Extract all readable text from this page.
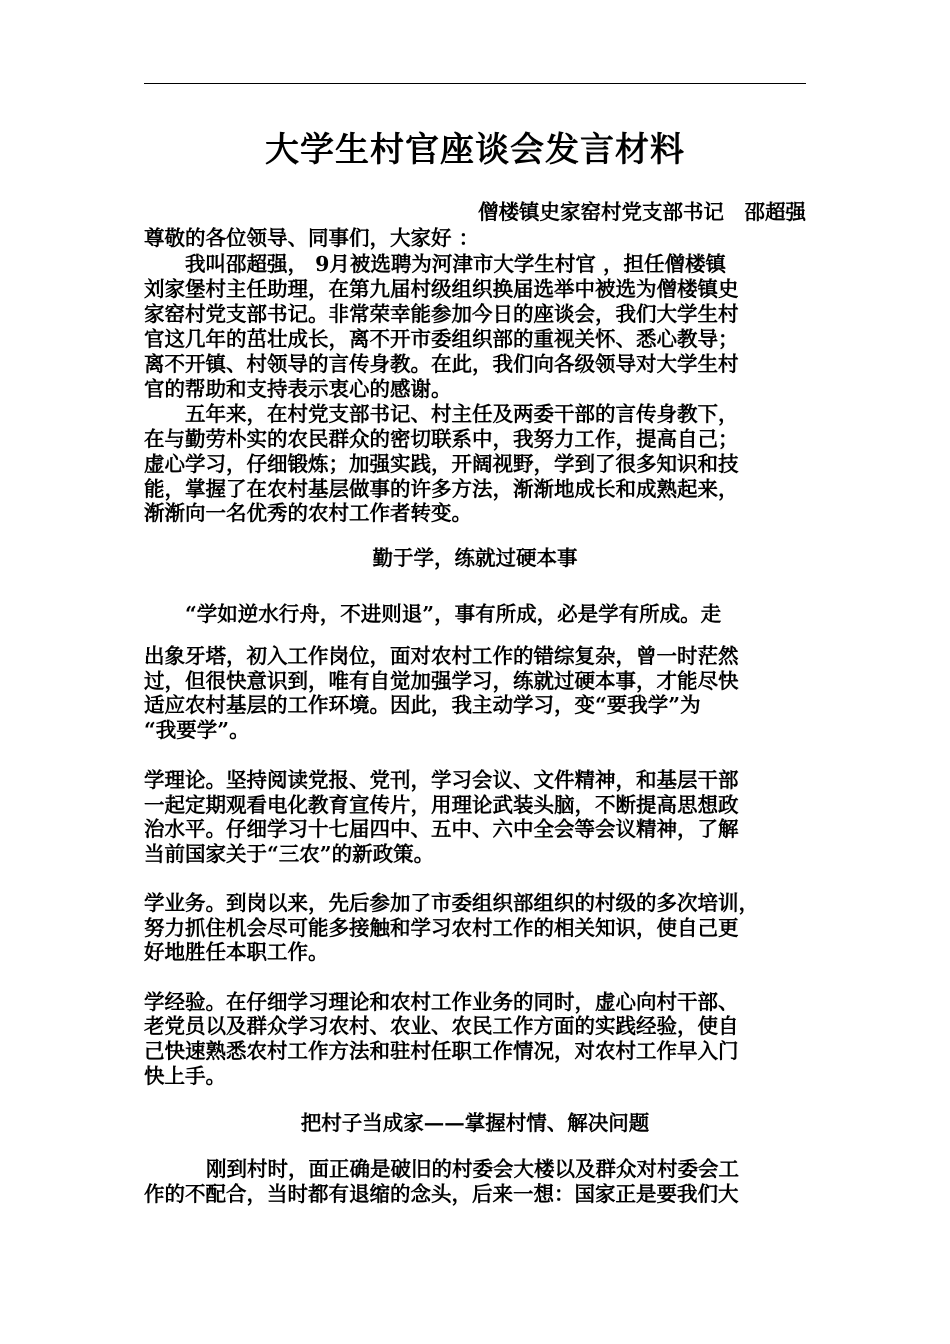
大学生村官座谈会发言材料
僧楼镇史家窑村党支部书记　邵超强
尊敬的各位领导、同事们，大家好 ：
　　我叫邵超强， 9月被选聘为河津市大学生村官 ，担任僧楼镇
刘家堡村主任助理，在第九届村级组织换届选举中被选为僧楼镇史
家窑村党支部书记。非常荣幸能参加今日的座谈会，我们大学生村
官这几年的茁壮成长，离不开市委组织部的重视关怀、悉心教导；
离不开镇、村领导的言传身教。在此，我们向各级领导对大学生村
官的帮助和支持表示衷心的感谢。
　　五年来，在村党支部书记、村主任及两委干部的言传身教下，
在与勤劳朴实的农民群众的密切联系中，我努力工作，提高自己；
虚心学习，仔细锻炼；加强实践，开阔视野，学到了很多知识和技
能，掌握了在农村基层做事的许多方法，渐渐地成长和成熟起来，
渐渐向一名优秀的农村工作者转变。
勤于学，练就过硬本事
“学如逆水行舟，不进则退”，事有所成，必是学有所成。走
出象牙塔，初入工作岗位，面对农村工作的错综复杂，曾一时茫然
过，但很快意识到，唯有自觉加强学习，练就过硬本事，才能尽快
适应农村基层的工作环境。因此，我主动学习，变“要我学”为
“我要学”。
学理论。坚持阅读党报、党刊，学习会议、文件精神，和基层干部
一起定期观看电化教育宣传片，用理论武装头脑，不断提高思想政
治水平。仔细学习十七届四中、五中、六中全会等会议精神，了解
当前国家关于“三农”的新政策。
学业务。到岗以来，先后参加了市委组织部组织的村级的多次培训，
努力抓住机会尽可能多接触和学习农村工作的相关知识，使自己更
好地胜任本职工作。
学经验。在仔细学习理论和农村工作业务的同时，虚心向村干部、
老党员以及群众学习农村、农业、农民工作方面的实践经验，使自
己快速熟悉农村工作方法和驻村任职工作情况，对农村工作早入门
快上手。
把村子当成家——掌握村情、解决问题
刚到村时，面正确是破旧的村委会大楼以及群众对村委会工
作的不配合，当时都有退缩的念头，后来一想：国家正是要我们大
